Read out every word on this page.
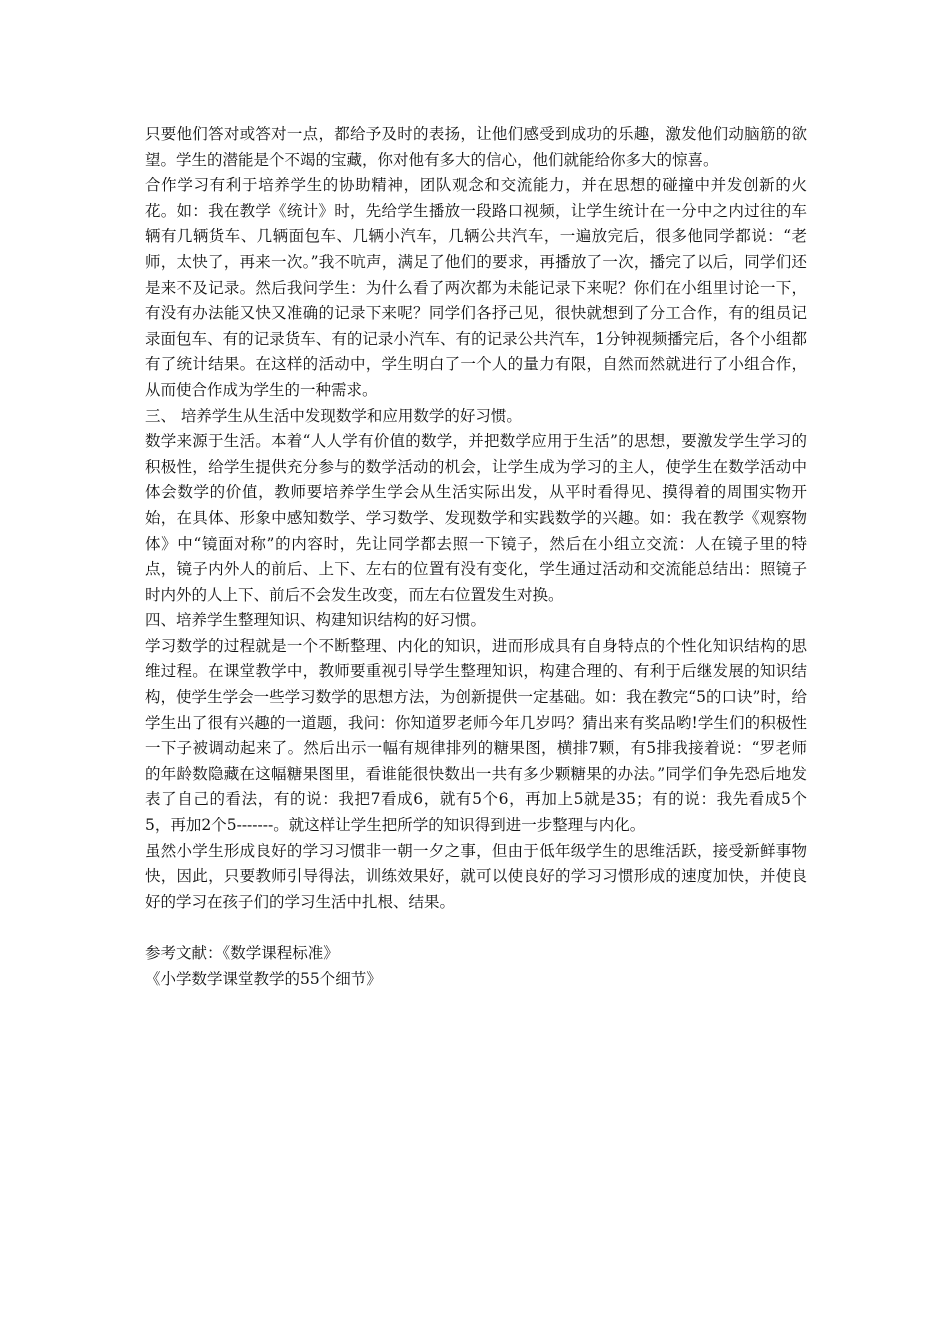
只要他们答对或答对一点，都给予及时的表扬，让他们感受到成功的乐趣，激发他们动脑筋的欲望。学生的潜能是个不竭的宝藏，你对他有多大的信心，他们就能给你多大的惊喜。

合作学习有利于培养学生的协助精神，团队观念和交流能力，并在思想的碰撞中并发创新的火花。如：我在教学《统计》时，先给学生播放一段路口视频，让学生统计在一分中之内过往的车辆有几辆货车、几辆面包车、几辆小汽车，几辆公共汽车，一遍放完后，很多他同学都说：“老师，太快了，再来一次。”我不吭声，满足了他们的要求，再播放了一次，播完了以后，同学们还是来不及记录。然后我问学生：为什么看了两次都为未能记录下来呢？你们在小组里讨论一下，有没有办法能又快又准确的记录下来呢？同学们各抒己见，很快就想到了分工合作，有的组员记录面包车、有的记录货车、有的记录小汽车、有的记录公共汽车，1分钟视频播完后，各个小组都有了统计结果。在这样的活动中，学生明白了一个人的量力有限，自然而然就进行了小组合作，从而使合作成为学生的一种需求。

三、 培养学生从生活中发现数学和应用数学的好习惯。

数学来源于生活。本着“人人学有价值的数学，并把数学应用于生活”的思想，要激发学生学习的积极性，给学生提供充分参与的数学活动的机会，让学生成为学习的主人，使学生在数学活动中体会数学的价值，教师要培养学生学会从生活实际出发，从平时看得见、摸得着的周围实物开始，在具体、形象中感知数学、学习数学、发现数学和实践数学的兴趣。如：我在教学《观察物体》中“镜面对称”的内容时，先让同学都去照一下镜子，然后在小组立交流：人在镜子里的特点，镜子内外人的前后、上下、左右的位置有没有变化，学生通过活动和交流能总结出：照镜子时内外的人上下、前后不会发生改变，而左右位置发生对换。

四、培养学生整理知识、构建知识结构的好习惯。

学习数学的过程就是一个不断整理、内化的知识，进而形成具有自身特点的个性化知识结构的思维过程。在课堂教学中，教师要重视引导学生整理知识，构建合理的、有利于后继发展的知识结构，使学生学会一些学习数学的思想方法，为创新提供一定基础。如：我在教完“5的口诀”时，给学生出了很有兴趣的一道题，我问：你知道罗老师今年几岁吗？猜出来有奖品哟!学生们的积极性一下子被调动起来了。然后出示一幅有规律排列的糖果图，横排7颗，有5排我接着说：“罗老师的年龄数隐藏在这幅糖果图里，看谁能很快数出一共有多少颗糖果的办法。”同学们争先恐后地发表了自己的看法，有的说：我把7看成6，就有5个6，再加上5就是35；有的说：我先看成5个5，再加2个5-------。就这样让学生把所学的知识得到进一步整理与内化。

虽然小学生形成良好的学习习惯非一朝一夕之事，但由于低年级学生的思维活跃，接受新鲜事物快，因此，只要教师引导得法，训练效果好，就可以使良好的学习习惯形成的速度加快，并使良好的学习在孩子们的学习生活中扎根、结果。

参考文献：《数学课程标准》

《小学数学课堂教学的55个细节》
